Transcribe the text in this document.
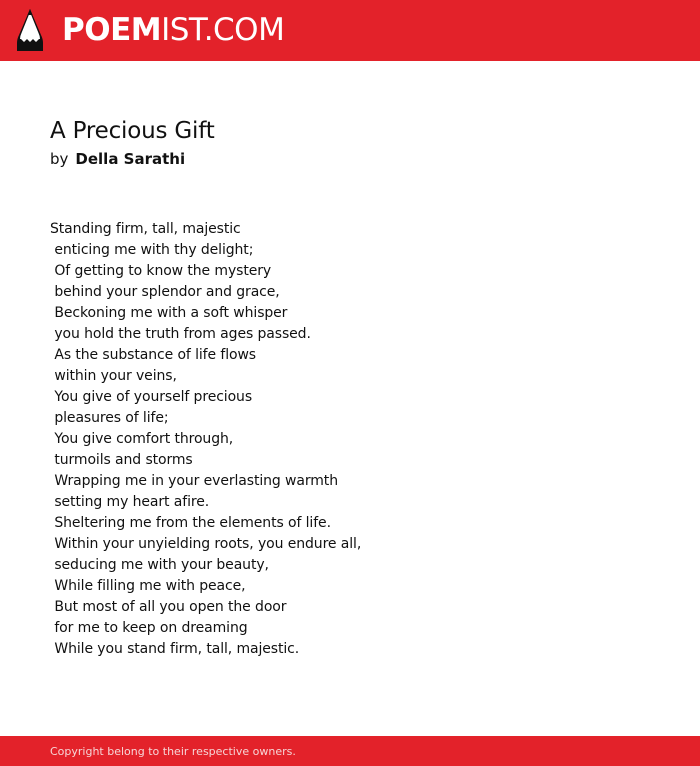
POEMIST.COM
A Precious Gift
by Della Sarathi
Standing firm, tall, majestic
enticing me with thy delight;
Of getting to know the mystery
behind your splendor and grace,
Beckoning me with a soft whisper
you hold the truth from ages passed.
As the substance of life flows
within your veins,
You give of yourself precious
pleasures of life;
You give comfort through,
turmoils and storms
Wrapping me in your everlasting warmth
setting my heart afire.
Sheltering me from the elements of life.
Within your unyielding roots, you endure all,
seducing me with your beauty,
While filling me with peace,
But most of all you open the door
for me to keep on dreaming
While you stand firm, tall, majestic.
Copyright belong to their respective owners.
